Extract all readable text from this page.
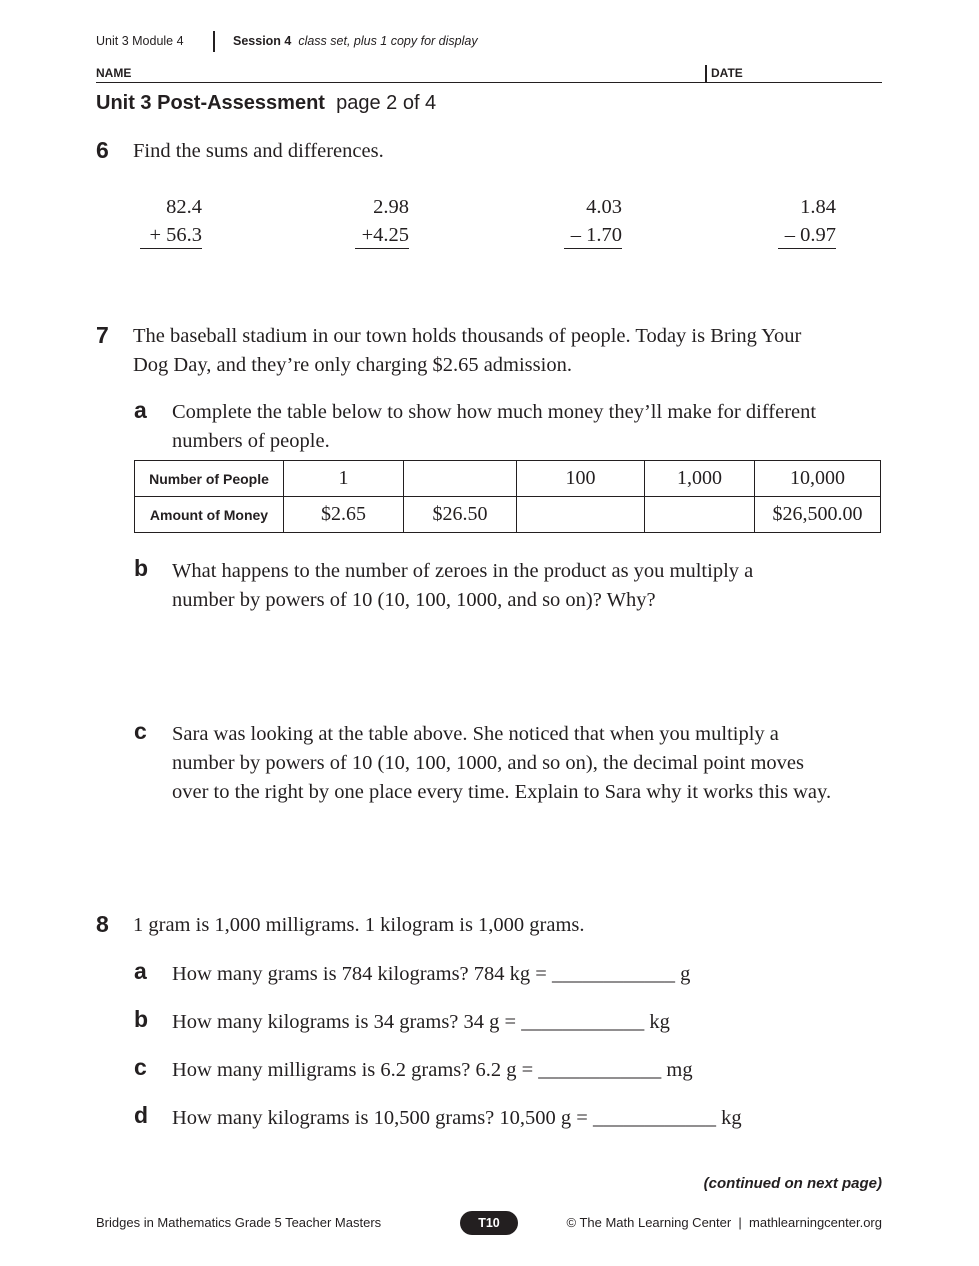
Unit 3 Module 4	Session 4 class set, plus 1 copy for display
NAME	DATE
Unit 3 Post-Assessment page 2 of 4
6 Find the sums and differences.
82.4
+ 56.3
2.98
+4.25
4.03
– 1.70
1.84
– 0.97
7 The baseball stadium in our town holds thousands of people. Today is Bring Your
Dog Day, and they’re only charging $2.65 admission.
a Complete the table below to show how much money they’ll make for different
numbers of people.
Number of People	1		100	1,000	10,000
Amount of Money	$2.65	$26.50			$26,500.00
b What happens to the number of zeroes in the product as you multiply a
number by powers of 10 (10, 100, 1000, and so on)? Why?
c Sara was looking at the table above. She noticed that when you multiply a
number by powers of 10 (10, 100, 1000, and so on), the decimal point moves
over to the right by one place every time. Explain to Sara why it works this way.
8 1 gram is 1,000 milligrams. 1 kilogram is 1,000 grams.
a How many grams is 784 kilograms? 784 kg = ____________ g
b How many kilograms is 34 grams? 34 g = ____________ kg
c How many milligrams is 6.2 grams? 6.2 g = ____________ mg
d How many kilograms is 10,500 grams? 10,500 g = ____________ kg
(continued on next page)
Bridges in Mathematics Grade 5 Teacher Masters	T10	© The Math Learning Center  |  mathlearningcenter.org
